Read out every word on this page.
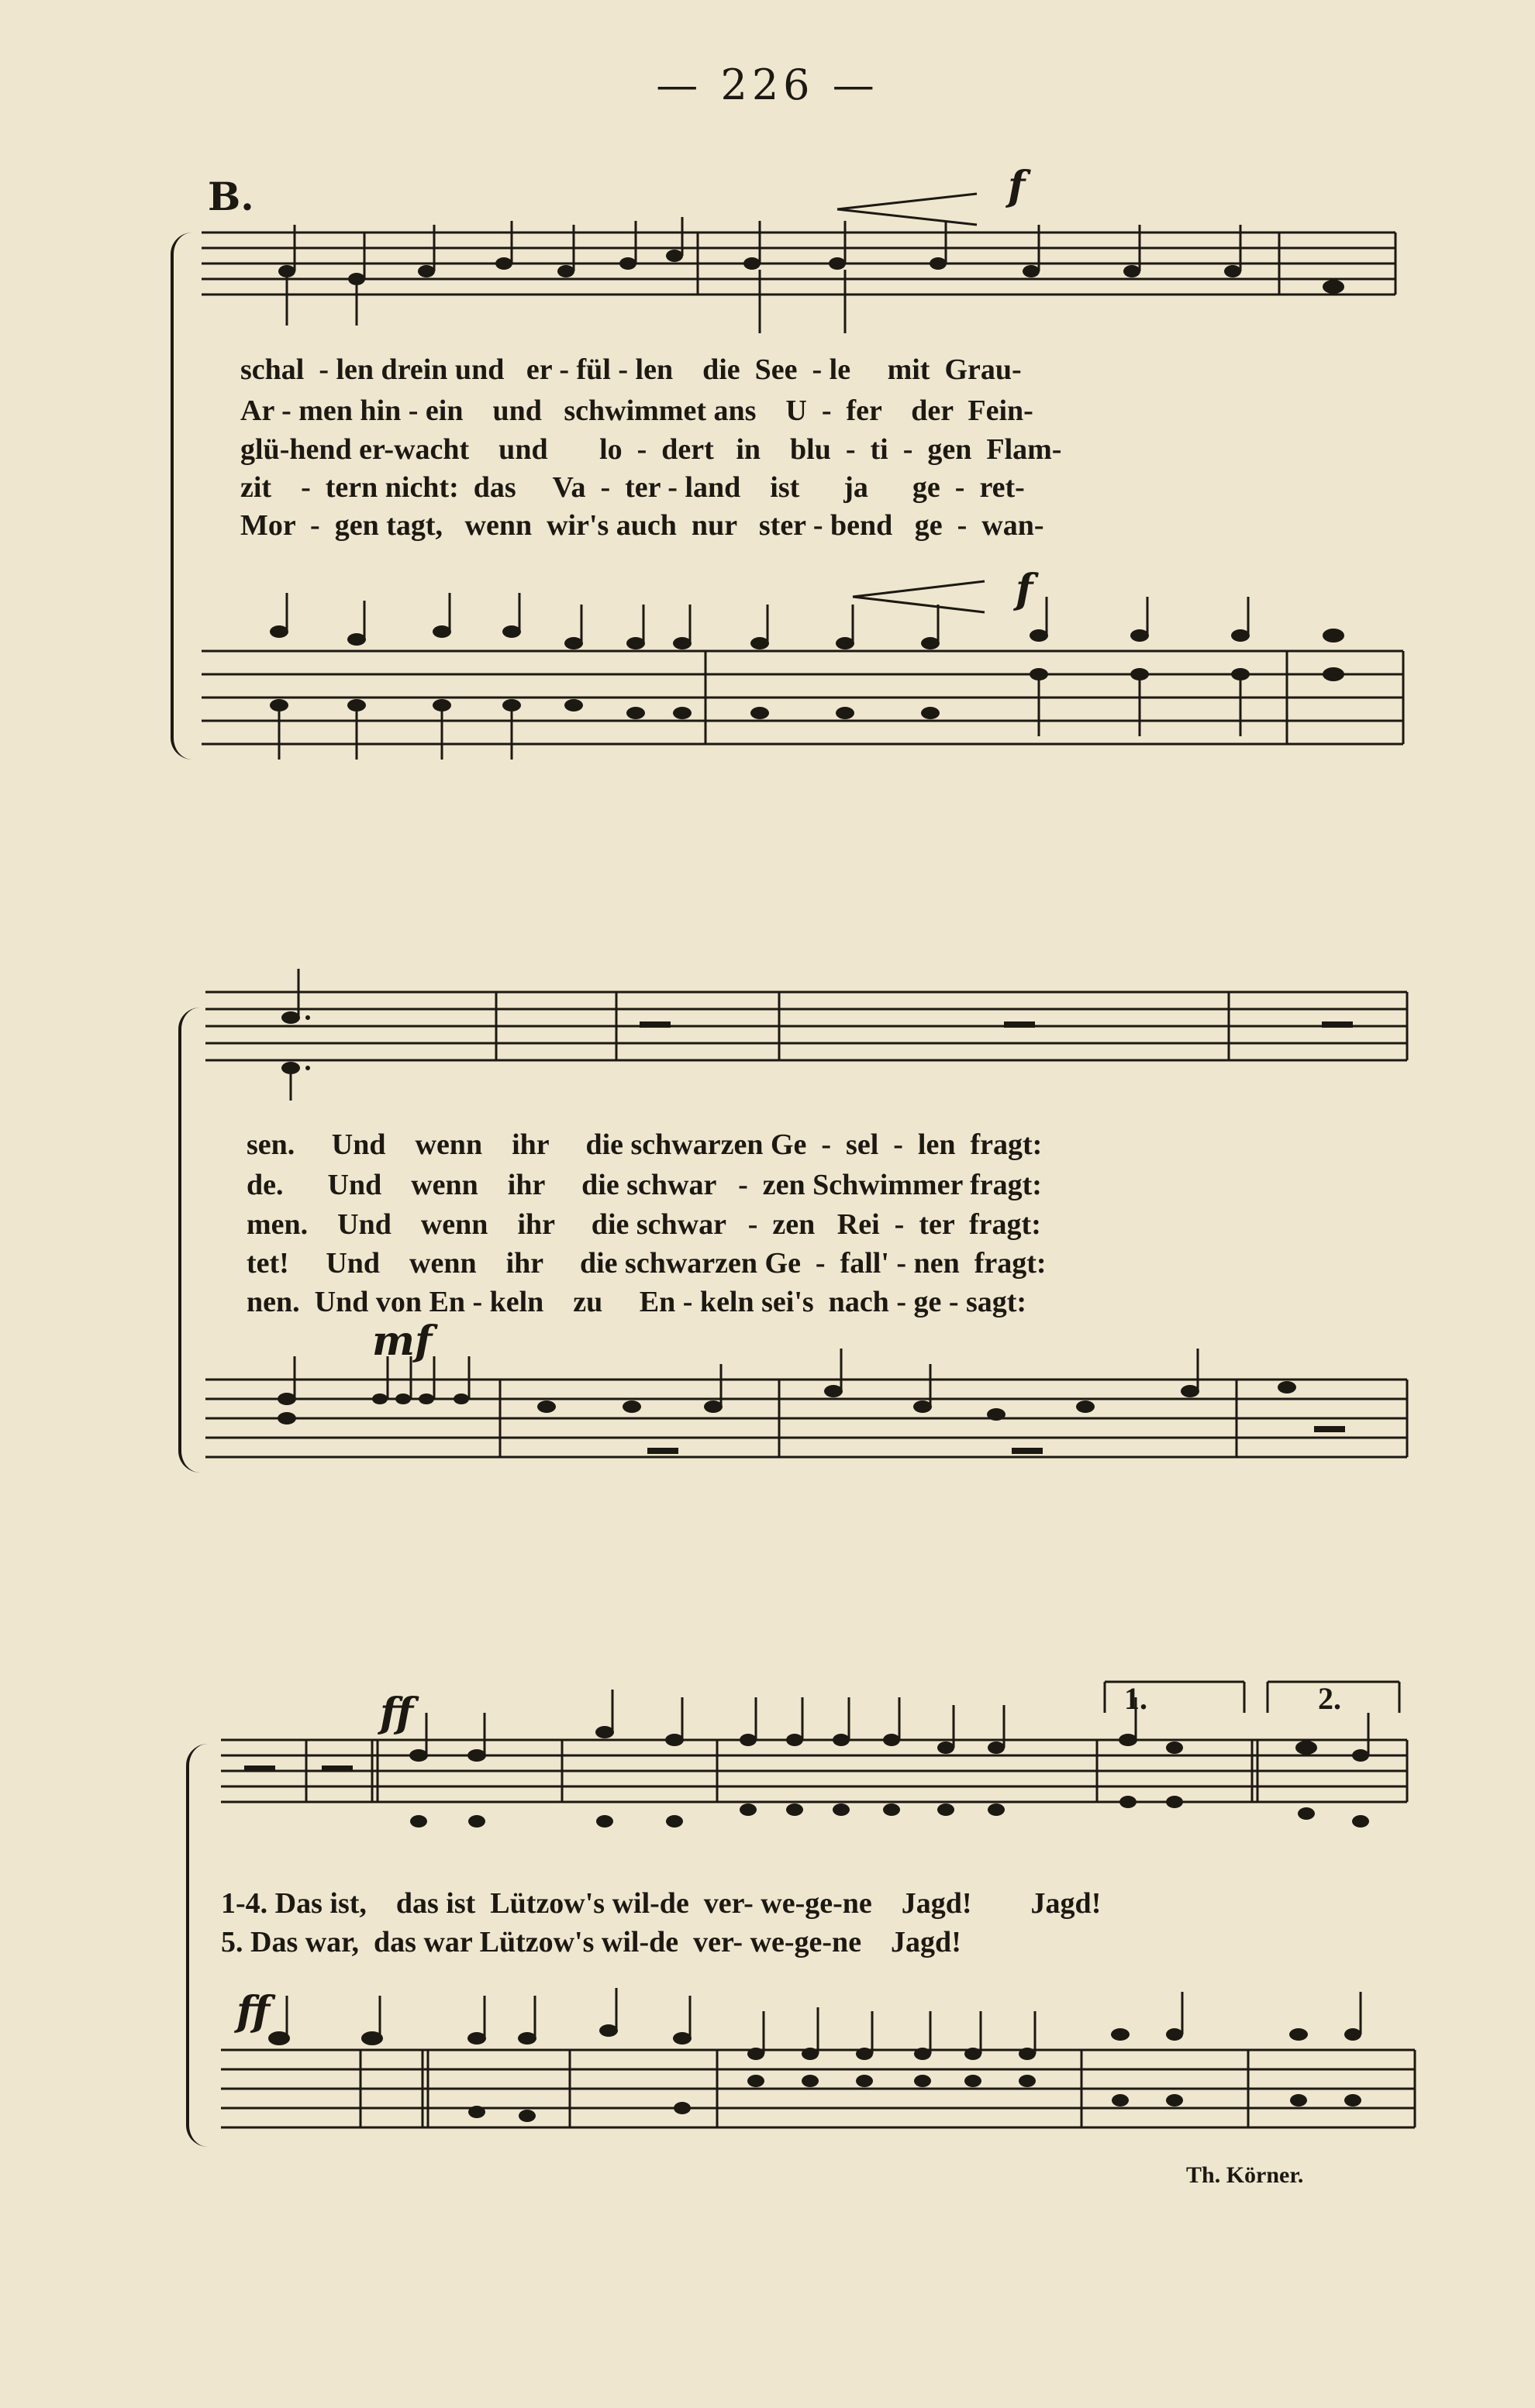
— 226 —
B.	f
schal  - len drein und   er - fül - len    die  See  - le     mit  Grau-
Ar - men hin - ein    und   schwimmet ans    U  -  fer    der  Fein-
glü-hend er-wacht    und       lo  -  dert   in    blu  -  ti  -  gen  Flam-
zit    -  tern nicht:  das     Va  -  ter - land    ist      ja      ge  -  ret-
Mor  -  gen tagt,   wenn  wir's auch  nur   ster - bend   ge  -  wan-
f
sen.     Und    wenn    ihr     die schwarzen Ge  -  sel  -  len  fragt:
de.      Und    wenn    ihr     die schwar   -  zen Schwimmer fragt:
men.    Und    wenn    ihr     die schwar   -  zen   Rei  -  ter  fragt:
tet!     Und    wenn    ihr     die schwarzen Ge  -  fall' - nen  fragt:
nen.  Und von En - keln    zu     En - keln sei's  nach - ge - sagt:
mf
ff	1.	2.
1-4. Das ist,    das ist  Lützow's wil-de  ver- we-ge-ne    Jagd!        Jagd!
5. Das war,  das war Lützow's wil-de  ver- we-ge-ne    Jagd!
ff
Th. Körner.
